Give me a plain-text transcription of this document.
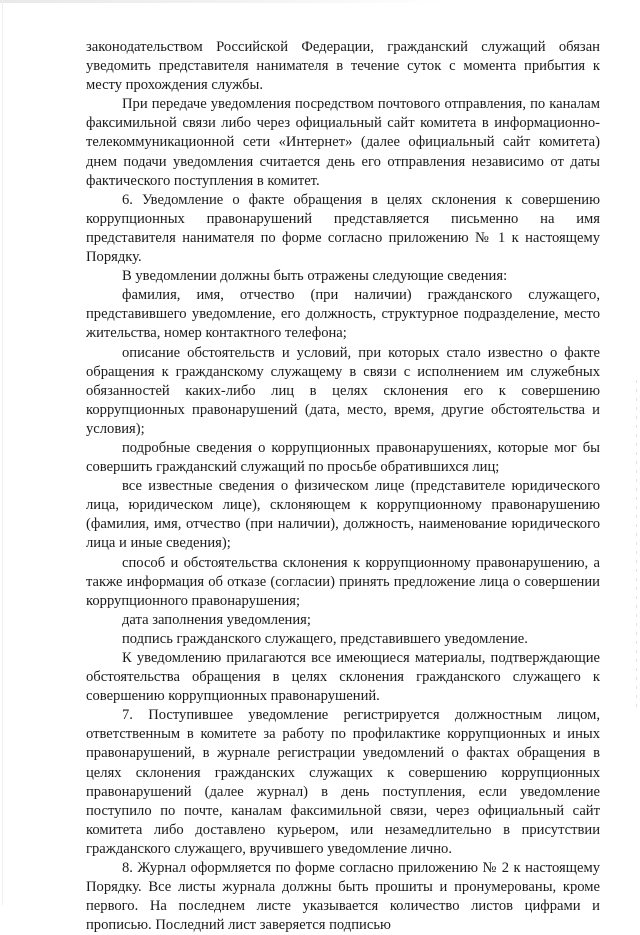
законодательством Российской Федерации, гражданский служащий обязан уведомить представителя нанимателя в течение суток с момента прибытия к месту прохождения службы.

При передаче уведомления посредством почтового отправления, по каналам факсимильной связи либо через официальный сайт комитета в информационно-телекоммуникационной сети «Интернет» (далее официальный сайт комитета) днем подачи уведомления считается день его отправления независимо от даты фактического поступления в комитет.

6. Уведомление о факте обращения в целях склонения к совершению коррупционных правонарушений представляется письменно на имя представителя нанимателя по форме согласно приложению № 1 к настоящему Порядку.

В уведомлении должны быть отражены следующие сведения:

фамилия, имя, отчество (при наличии) гражданского служащего, представившего уведомление, его должность, структурное подразделение, место жительства, номер контактного телефона;

описание обстоятельств и условий, при которых стало известно о факте обращения к гражданскому служащему в связи с исполнением им служебных обязанностей каких-либо лиц в целях склонения его к совершению коррупционных правонарушений (дата, место, время, другие обстоятельства и условия);

подробные сведения о коррупционных правонарушениях, которые мог бы совершить гражданский служащий по просьбе обратившихся лиц;

все известные сведения о физическом лице (представителе юридического лица, юридическом лице), склоняющем к коррупционному правонарушению (фамилия, имя, отчество (при наличии), должность, наименование юридического лица и иные сведения);

способ и обстоятельства склонения к коррупционному правонарушению, а также информация об отказе (согласии) принять предложение лица о совершении коррупционного правонарушения;

дата заполнения уведомления;

подпись гражданского служащего, представившего уведомление.

К уведомлению прилагаются все имеющиеся материалы, подтверждающие обстоятельства обращения в целях склонения гражданского служащего к совершению коррупционных правонарушений.

7. Поступившее уведомление регистрируется должностным лицом, ответственным в комитете за работу по профилактике коррупционных и иных правонарушений, в журнале регистрации уведомлений о фактах обращения в целях склонения гражданских служащих к совершению коррупционных правонарушений (далее журнал) в день поступления, если уведомление поступило по почте, каналам факсимильной связи, через официальный сайт комитета либо доставлено курьером, или незамедлительно в присутствии гражданского служащего, вручившего уведомление лично.

8. Журнал оформляется по форме согласно приложению № 2 к настоящему Порядку. Все листы журнала должны быть прошиты и пронумерованы, кроме первого. На последнем листе указывается количество листов цифрами и прописью. Последний лист заверяется подписью
